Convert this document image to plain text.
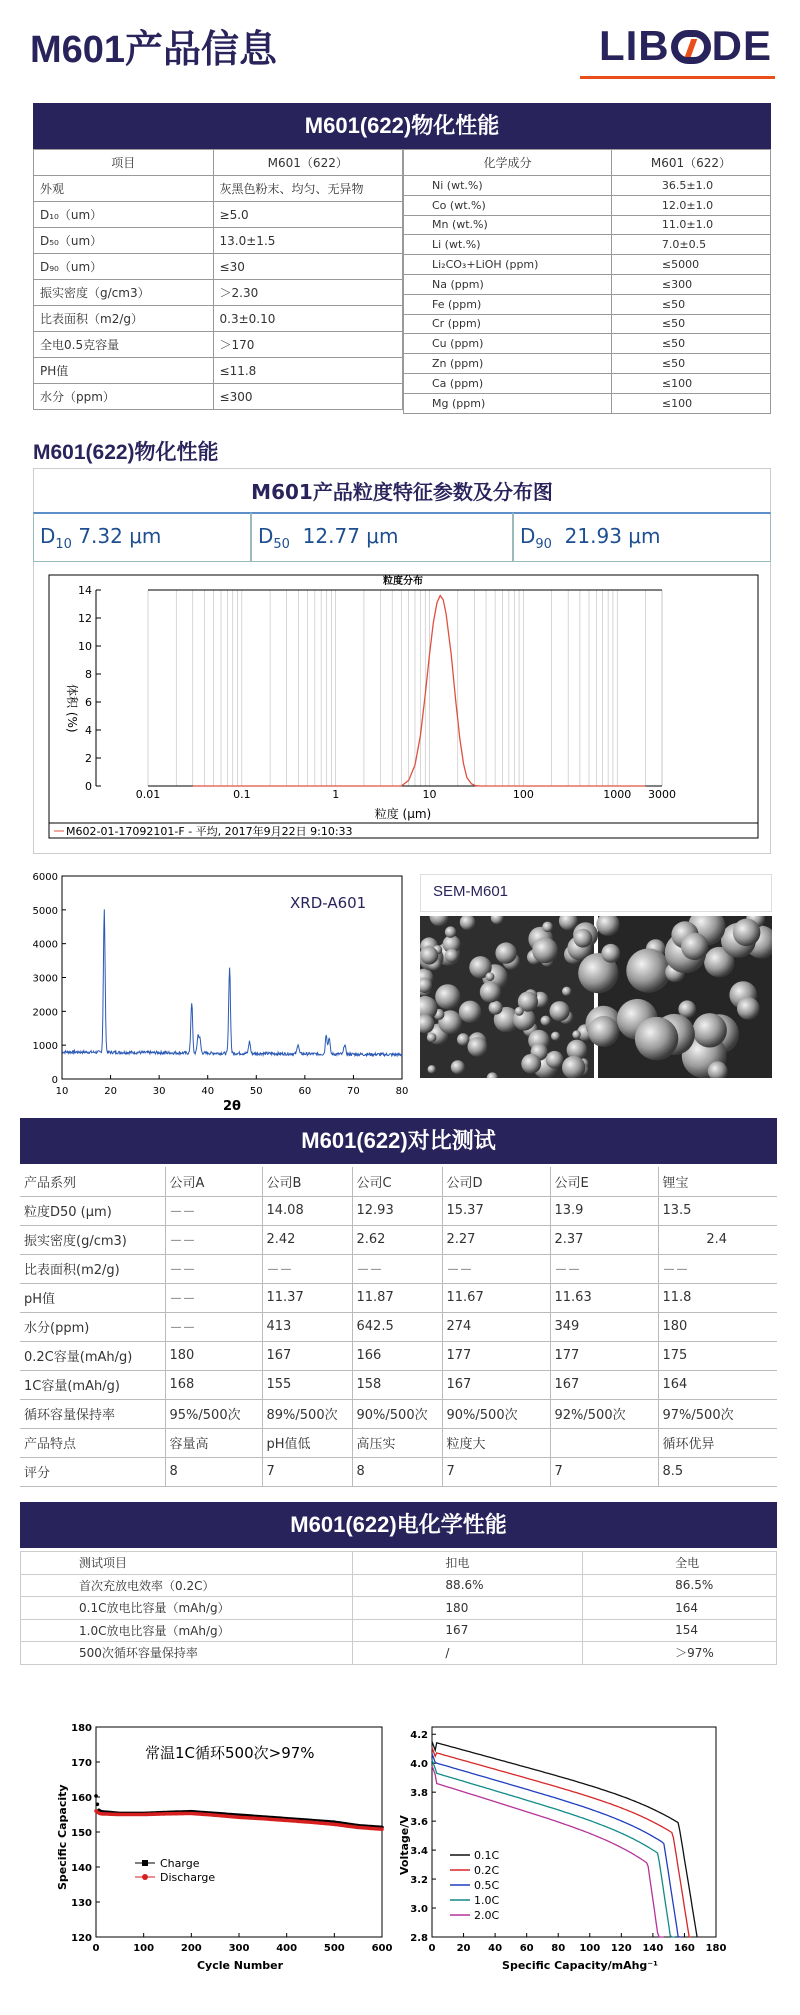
M601产品信息	LIB DE
M601(622)物化性能
项目	M601（622）
外观	灰黑色粉末、均匀、无异物
D₁₀（um）	≥5.0
D₅₀（um）	13.0±1.5
D₉₀（um）	≤30
振实密度（g/cm3）	＞2.30
比表面积（m2/g）	0.3±0.10
全电0.5克容量	＞170
PH值	≤11.8
水分（ppm）	≤300
化学成分	M601（622）
Ni (wt.%)	36.5±1.0
Co (wt.%)	12.0±1.0
Mn (wt.%)	11.0±1.0
Li (wt.%)	7.0±0.5
Li₂CO₃+LiOH (ppm)	≤5000
Na (ppm)	≤300
Fe (ppm)	≤50
Cr (ppm)	≤50
Cu (ppm)	≤50
Zn (ppm)	≤50
Ca (ppm)	≤100
Mg (ppm)	≤100
M601(622)物化性能
M601产品粒度特征参数及分布图
$D_{10}$ 7.32 μm	$D_{50}$ 12.77 μm	$D_{90}$ 21.93 μm
0
2
4
6
8
10
12
14
0.01	0.1	1	10	100	1000 3000
粒度分布
粒度 (μm)
体积 (%)
M602-01-17092101-F - 平均, 2017年9月22日 9:10:33
0
1000
2000
3000
4000
5000
6000
10	20	30	40	50	60	70	80
XRD-A601
2θ
SEM-M601
M601(622)对比测试
产品系列	公司A	公司B	公司C	公司D	公司E	锂宝
粒度D50 (μm)	－－	14.08	12.93	15.37	13.9	13.5
振实密度(g/cm3)	－－	2.42	2.62	2.27	2.37	2.4
比表面积(m2/g)	－－	－－	－－	－－	－－	－－
pH值	－－	11.37	11.87	11.67	11.63	11.8
水分(ppm)	－－	413	642.5	274	349	180
0.2C容量(mAh/g)	180	167	166	177	177	175
1C容量(mAh/g)	168	155	158	167	167	164
循环容量保持率	95%/500次	89%/500次	90%/500次	90%/500次	92%/500次	97%/500次
产品特点	容量高	pH值低	高压实	粒度大		循环优异
评分	8	7	8	7	7	8.5
M601(622)电化学性能
测试项目	扣电	全电
首次充放电效率（0.2C）	88.6%	86.5%
0.1C放电比容量（mAh/g）	180	164
1.0C放电比容量（mAh/g）	167	154
500次循环容量保持率	/	＞97%
120
130
140
150
160
170
180
0	100	200	300	400	500	600
常温1C循环500次>97%
Cycle Number
Specific Capacity	Charge
Discharge
2.8
3.0
3.2
3.4
3.6
3.8
4.0
4.2
0 20 40 60 80 100 120 140 160 180
Specific Capacity/mAhg⁻¹
Voltage/V	0.1C
0.2C
0.5C
1.0C
2.0C
